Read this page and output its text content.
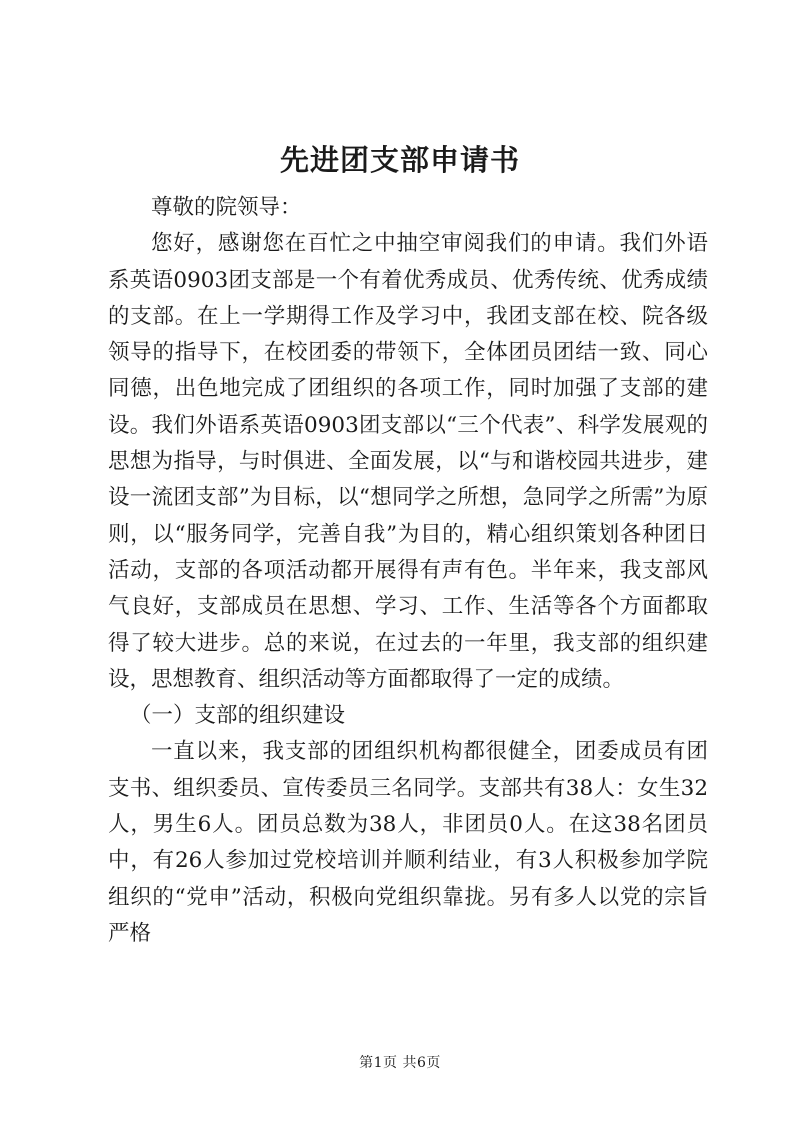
先进团支部申请书

尊敬的院领导：

您好，感谢您在百忙之中抽空审阅我们的申请。我们外语系英语0903团支部是一个有着优秀成员、优秀传统、优秀成绩的支部。在上一学期得工作及学习中，我团支部在校、院各级领导的指导下，在校团委的带领下，全体团员团结一致、同心同德，出色地完成了团组织的各项工作，同时加强了支部的建设。我们外语系英语0903团支部以“三个代表”、科学发展观的思想为指导，与时俱进、全面发展，以“与和谐校园共进步，建设一流团支部”为目标，以“想同学之所想，急同学之所需”为原则，以“服务同学，完善自我”为目的，精心组织策划各种团日活动，支部的各项活动都开展得有声有色。半年来，我支部风气良好，支部成员在思想、学习、工作、生活等各个方面都取得了较大进步。总的来说，在过去的一年里，我支部的组织建设，思想教育、组织活动等方面都取得了一定的成绩。

（一）支部的组织建设

一直以来，我支部的团组织机构都很健全，团委成员有团支书、组织委员、宣传委员三名同学。支部共有38人：女生32人，男生6人。团员总数为38人，非团员0人。在这38名团员中，有26人参加过党校培训并顺利结业，有3人积极参加学院组织的“党申”活动，积极向党组织靠拢。另有多人以党的宗旨严格

第1页 共6页
